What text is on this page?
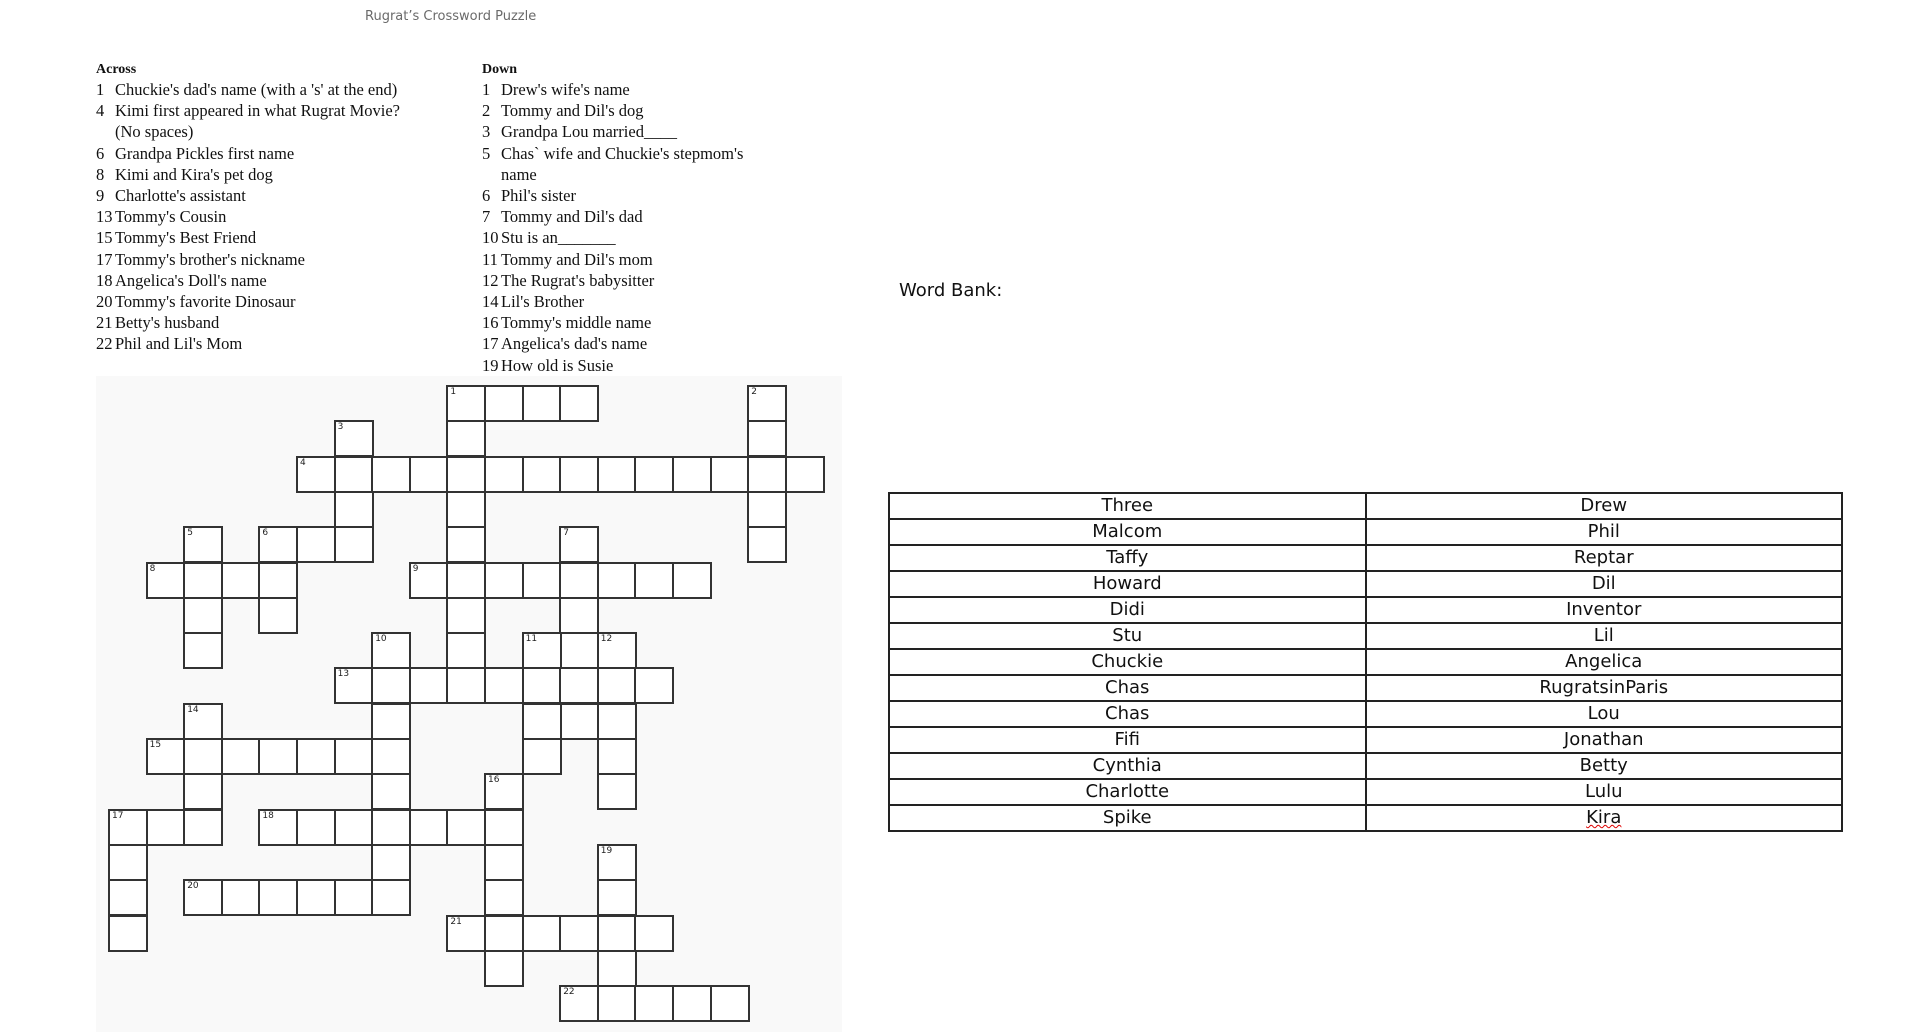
Rugrat’s Crossword Puzzle
Across
1 Chuckie's dad's name (with a 's' at the end)
4 Kimi first appeared in what Rugrat Movie?(No spaces)
6 Grandpa Pickles first name
8 Kimi and Kira's pet dog
9 Charlotte's assistant
13 Tommy's Cousin
15 Tommy's Best Friend
17 Tommy's brother's nickname
18 Angelica's Doll's name
20 Tommy's favorite Dinosaur
21 Betty's husband
22 Phil and Lil's Mom
Down
1 Drew's wife's name
2 Tommy and Dil's dog
3 Grandpa Lou married____
5 Chas` wife and Chuckie's stepmom's name
6 Phil's sister
7 Tommy and Dil's dad
10 Stu is an_______
11 Tommy and Dil's mom
12 The Rugrat's babysitter
14 Lil's Brother
16 Tommy's middle name
17 Angelica's dad's name
19 How old is Susie
4
1
6
8	9
13
15
17	18
20
21
22
2
3
5	7
10	11	12
14
16
19
Word Bank:
Three	Drew
Malcom	Phil
Taffy	Reptar
Howard	Dil
Didi	Inventor
Stu	Lil
Chuckie	Angelica
Chas	RugratsinParis
Chas	Lou
Fifi	Jonathan
Cynthia	Betty
Charlotte	Lulu
Spike	Kira
